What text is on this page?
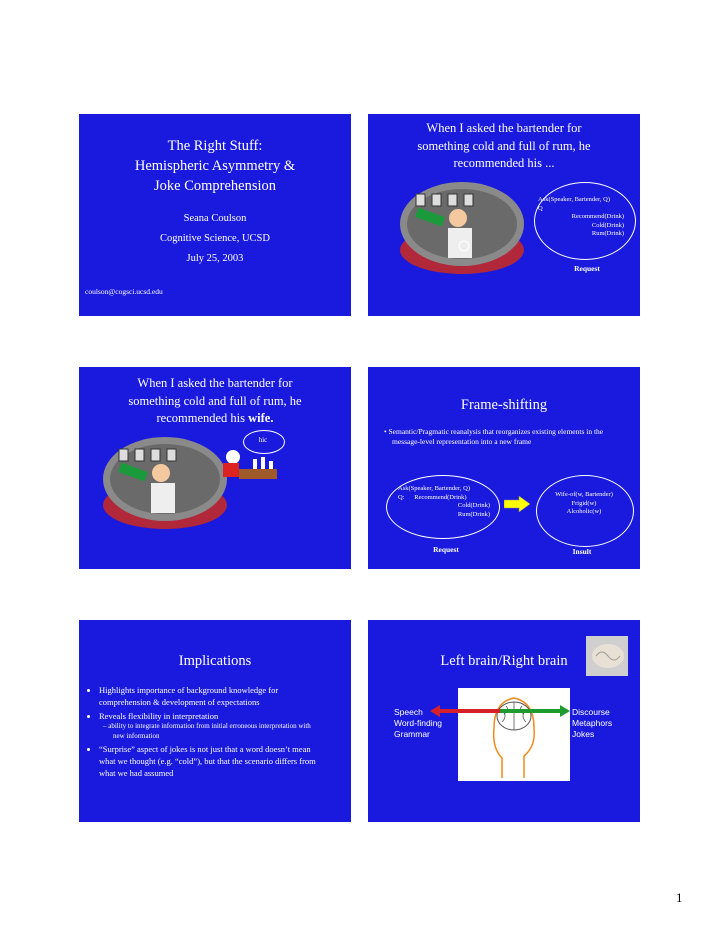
The Right Stuff:
Hemispheric Asymmetry &
Joke Comprehension
Seana Coulson
Cognitive Science, UCSD
July 25, 2003
coulson@cogsci.ucsd.edu
When I asked the bartender for
something cold and full of rum, he
recommended his ...
Ask(Speaker, Bartender, Q)
Q
Recommend(Drink)
Cold(Drink)
Rum(Drink)
Request
When I asked the bartender for
something cold and full of rum, he
recommended his wife.
hic
Frame-shifting
• Semantic/Pragmatic reanalysis that reorganizes existing elements in the message-level representation into a new frame
Ask(Speaker, Bartender, Q)
Q:      Recommend(Drink)
Cold(Drink)
Rum(Drink)
Wife-of(w, Bartender)
Frigid(w)
Alcoholic(w)
Request	Insult
Implications
• Highlights importance of background knowledge for comprehension & development of expectations
• Reveals flexibility in interpretation
– ability to integrate information from initial erroneous interpretation with new information
• “Surprise” aspect of jokes is not just that a word doesn’t mean what we thought (e.g. “cold”), but that the scenario differs from what we had assumed
Left brain/Right brain
Speech
Word-finding
Grammar
Discourse
Metaphors
Jokes
1
